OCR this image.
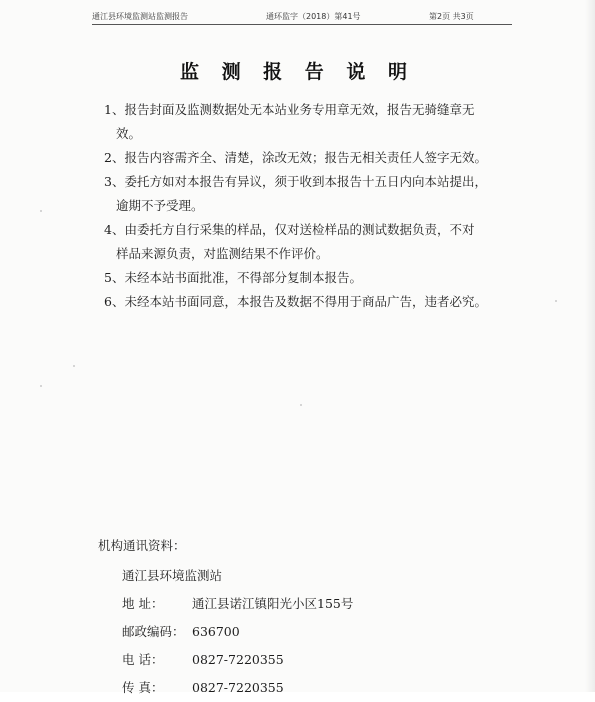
通江县环境监测站监测报告	通环监字（2018）第41号	第2页 共3页
监 测 报 告 说 明
1、报告封面及监测数据处无本站业务专用章无效，报告无骑缝章无
效。
2、报告内容需齐全、清楚，涂改无效；报告无相关责任人签字无效。
3、委托方如对本报告有异议，须于收到本报告十五日内向本站提出，
逾期不予受理。
4、由委托方自行采集的样品，仅对送检样品的测试数据负责，不对
样品来源负责，对监测结果不作评价。
5、未经本站书面批准，不得部分复制本报告。
6、未经本站书面同意，本报告及数据不得用于商品广告，违者必究。
机构通讯资料：
通江县环境监测站
地 址： 通江县诺江镇阳光小区155号
邮政编码： 636700
电 话： 0827-7220355
传 真： 0827-7220355
